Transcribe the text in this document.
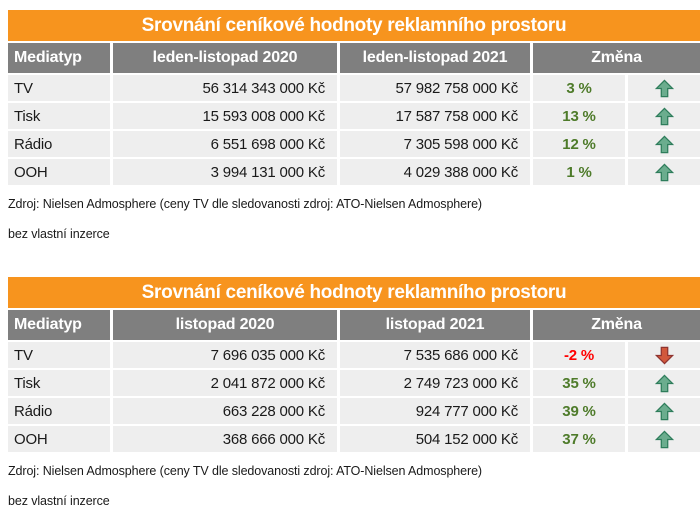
Srovnání ceníkové hodnoty reklamního prostoru
Mediatyp	leden-listopad 2020	leden-listopad 2021	Změna
TV	56 314 343 000 Kč	57 982 758 000 Kč	3 %
Tisk	15 593 008 000 Kč	17 587 758 000 Kč	13 %
Rádio	6 551 698 000 Kč	7 305 598 000 Kč	12 %
OOH	3 994 131 000 Kč	4 029 388 000 Kč	1 %

Zdroj: Nielsen Admosphere (ceny TV dle sledovanosti zdroj: ATO-Nielsen Admosphere)

bez vlastní inzerce

Srovnání ceníkové hodnoty reklamního prostoru
Mediatyp	listopad 2020	listopad 2021	Změna
TV	7 696 035 000 Kč	7 535 686 000 Kč	-2 %
Tisk	2 041 872 000 Kč	2 749 723 000 Kč	35 %
Rádio	663 228 000 Kč	924 777 000 Kč	39 %
OOH	368 666 000 Kč	504 152 000 Kč	37 %

Zdroj: Nielsen Admosphere (ceny TV dle sledovanosti zdroj: ATO-Nielsen Admosphere)

bez vlastní inzerce
